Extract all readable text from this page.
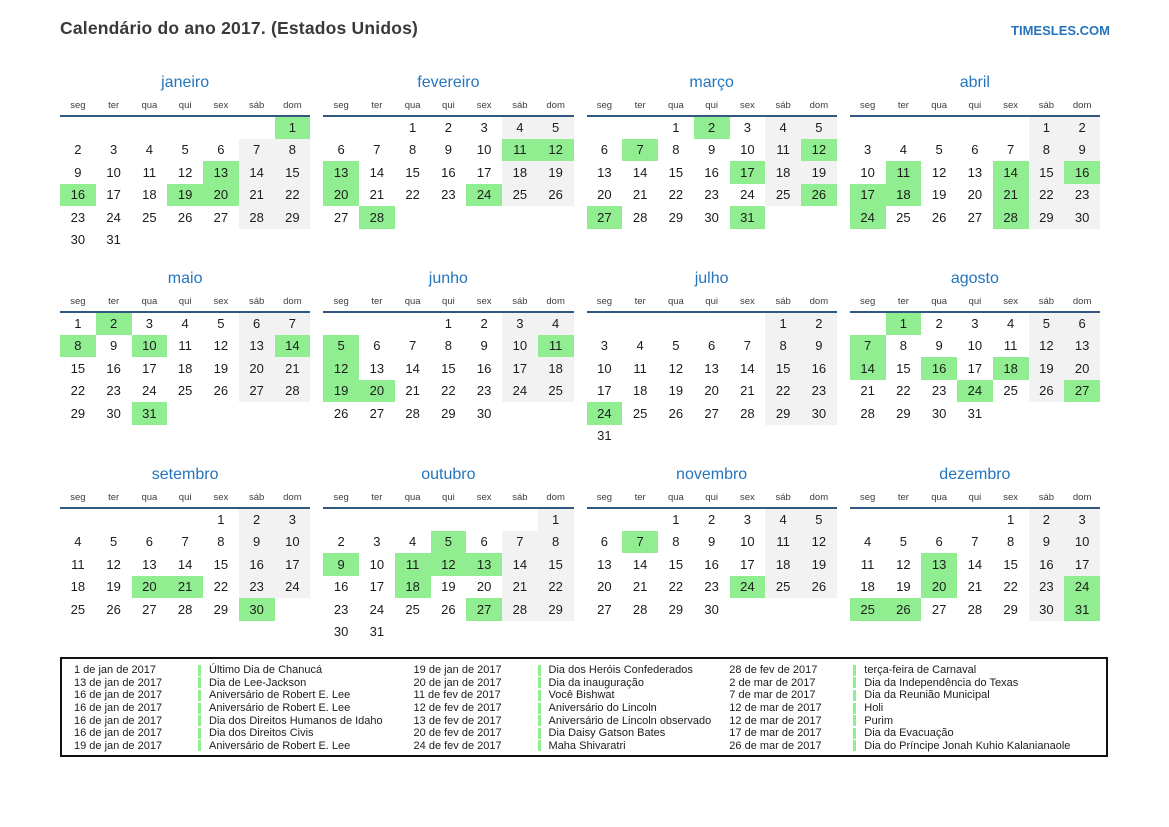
Calendário do ano 2017. (Estados Unidos)	TIMESLES.COM
janeiro
seg	ter	qua	qui	sex	sáb	dom
						1
2	3	4	5	6	7	8
9	10	11	12	13	14	15
16	17	18	19	20	21	22
23	24	25	26	27	28	29
30	31					
fevereiro
seg	ter	qua	qui	sex	sáb	dom
		1	2	3	4	5
6	7	8	9	10	11	12
13	14	15	16	17	18	19
20	21	22	23	24	25	26
27	28					
março
seg	ter	qua	qui	sex	sáb	dom
		1	2	3	4	5
6	7	8	9	10	11	12
13	14	15	16	17	18	19
20	21	22	23	24	25	26
27	28	29	30	31		
abril
seg	ter	qua	qui	sex	sáb	dom
					1	2
3	4	5	6	7	8	9
10	11	12	13	14	15	16
17	18	19	20	21	22	23
24	25	26	27	28	29	30
maio
seg	ter	qua	qui	sex	sáb	dom
1	2	3	4	5	6	7
8	9	10	11	12	13	14
15	16	17	18	19	20	21
22	23	24	25	26	27	28
29	30	31				
junho
seg	ter	qua	qui	sex	sáb	dom
			1	2	3	4
5	6	7	8	9	10	11
12	13	14	15	16	17	18
19	20	21	22	23	24	25
26	27	28	29	30		
julho
seg	ter	qua	qui	sex	sáb	dom
					1	2
3	4	5	6	7	8	9
10	11	12	13	14	15	16
17	18	19	20	21	22	23
24	25	26	27	28	29	30
31						
agosto
seg	ter	qua	qui	sex	sáb	dom
	1	2	3	4	5	6
7	8	9	10	11	12	13
14	15	16	17	18	19	20
21	22	23	24	25	26	27
28	29	30	31			
setembro
seg	ter	qua	qui	sex	sáb	dom
				1	2	3
4	5	6	7	8	9	10
11	12	13	14	15	16	17
18	19	20	21	22	23	24
25	26	27	28	29	30	
outubro
seg	ter	qua	qui	sex	sáb	dom
						1
2	3	4	5	6	7	8
9	10	11	12	13	14	15
16	17	18	19	20	21	22
23	24	25	26	27	28	29
30	31					
novembro
seg	ter	qua	qui	sex	sáb	dom
		1	2	3	4	5
6	7	8	9	10	11	12
13	14	15	16	17	18	19
20	21	22	23	24	25	26
27	28	29	30			
dezembro
seg	ter	qua	qui	sex	sáb	dom
				1	2	3
4	5	6	7	8	9	10
11	12	13	14	15	16	17
18	19	20	21	22	23	24
25	26	27	28	29	30	31
1 de jan de 2017	Último Dia de Chanucá
13 de jan de 2017	Dia de Lee-Jackson
16 de jan de 2017	Aniversário de Robert E. Lee
16 de jan de 2017	Aniversário de Robert E. Lee
16 de jan de 2017	Dia dos Direitos Humanos de Idaho
16 de jan de 2017	Dia dos Direitos Civis
19 de jan de 2017	Aniversário de Robert E. Lee
19 de jan de 2017	Dia dos Heróis Confederados
20 de jan de 2017	Dia da inauguração
11 de fev de 2017	Você Bishwat
12 de fev de 2017	Aniversário do Lincoln
13 de fev de 2017	Aniversário de Lincoln observado
20 de fev de 2017	Dia Daisy Gatson Bates
24 de fev de 2017	Maha Shivaratri
28 de fev de 2017	terça-feira de Carnaval
2 de mar de 2017	Dia da Independência do Texas
7 de mar de 2017	Dia da Reunião Municipal
12 de mar de 2017	Holi
12 de mar de 2017	Purim
17 de mar de 2017	Dia da Evacuação
26 de mar de 2017	Dia do Príncipe Jonah Kuhio Kalanianaole
